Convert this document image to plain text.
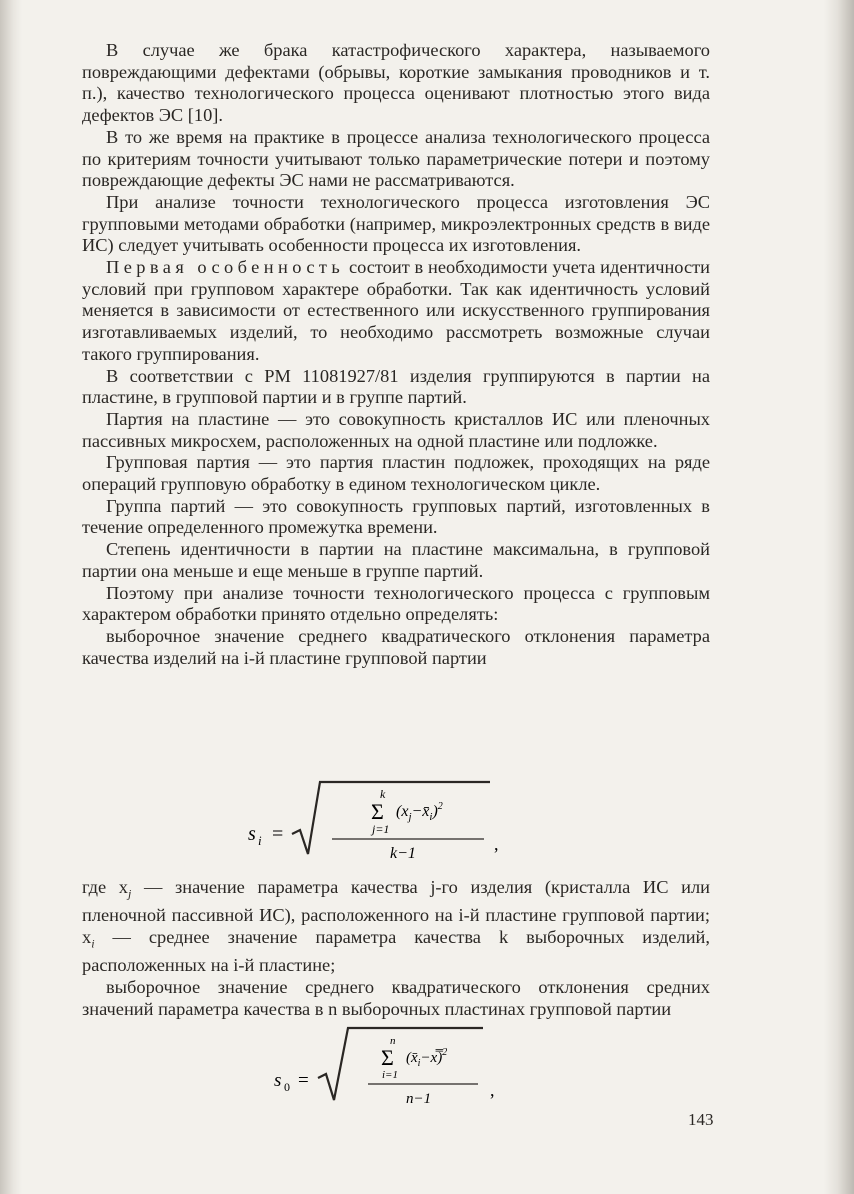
В случае же брака катастрофического характера, называемого повреждающими дефектами (обрывы, короткие замыкания проводников и т. п.), качество технологического процесса оценивают плотностью этого вида дефектов ЭС [10].

В то же время на практике в процессе анализа технологического процесса по критериям точности учитывают только параметрические потери и поэтому повреждающие дефекты ЭС нами не рассматриваются.

При анализе точности технологического процесса изготовления ЭС групповыми методами обработки (например, микроэлектронных средств в виде ИС) следует учитывать особенности процесса их изготовления.

Первая особенность состоит в необходимости учета идентичности условий при групповом характере обработки. Так как идентичность условий меняется в зависимости от естественного или искусственного группирования изготавливаемых изделий, то необходимо рассмотреть возможные случаи такого группирования.

В соответствии с РМ 11081927/81 изделия группируются в партии на пластине, в групповой партии и в группе партий.

Партия на пластине — это совокупность кристаллов ИС или пленочных пассивных микросхем, расположенных на одной пластине или подложке.

Групповая партия — это партия пластин подложек, проходящих на ряде операций групповую обработку в едином технологическом цикле.

Группа партий — это совокупность групповых партий, изготовленных в течение определенного промежутка времени.

Степень идентичности в партии на пластине максимальна, в групповой партии она меньше и еще меньше в группе партий.

Поэтому при анализе точности технологического процесса с групповым характером обработки принято отдельно определять:

выборочное значение среднего квадратического отклонения параметра качества изделий на i-й пластине групповой партии

s i =
k
Σ
j=1
$(x_j-x̄_i)^2$
k−1	,

где $x_j$ — значение параметра качества j-го изделия (кристалла ИС или пленочной пассивной ИС), расположенного на i-й пластине групповой партии; $x_i$ — среднее значение параметра качества k выборочных изделий, расположенных на i-й пластине;

выборочное значение среднего квадратического отклонения средних значений параметра качества в n выборочных пластинах групповой партии

s 0 =
n
Σ
i=1
$(x̄_i-x̿)^2$
n−1	,
143
